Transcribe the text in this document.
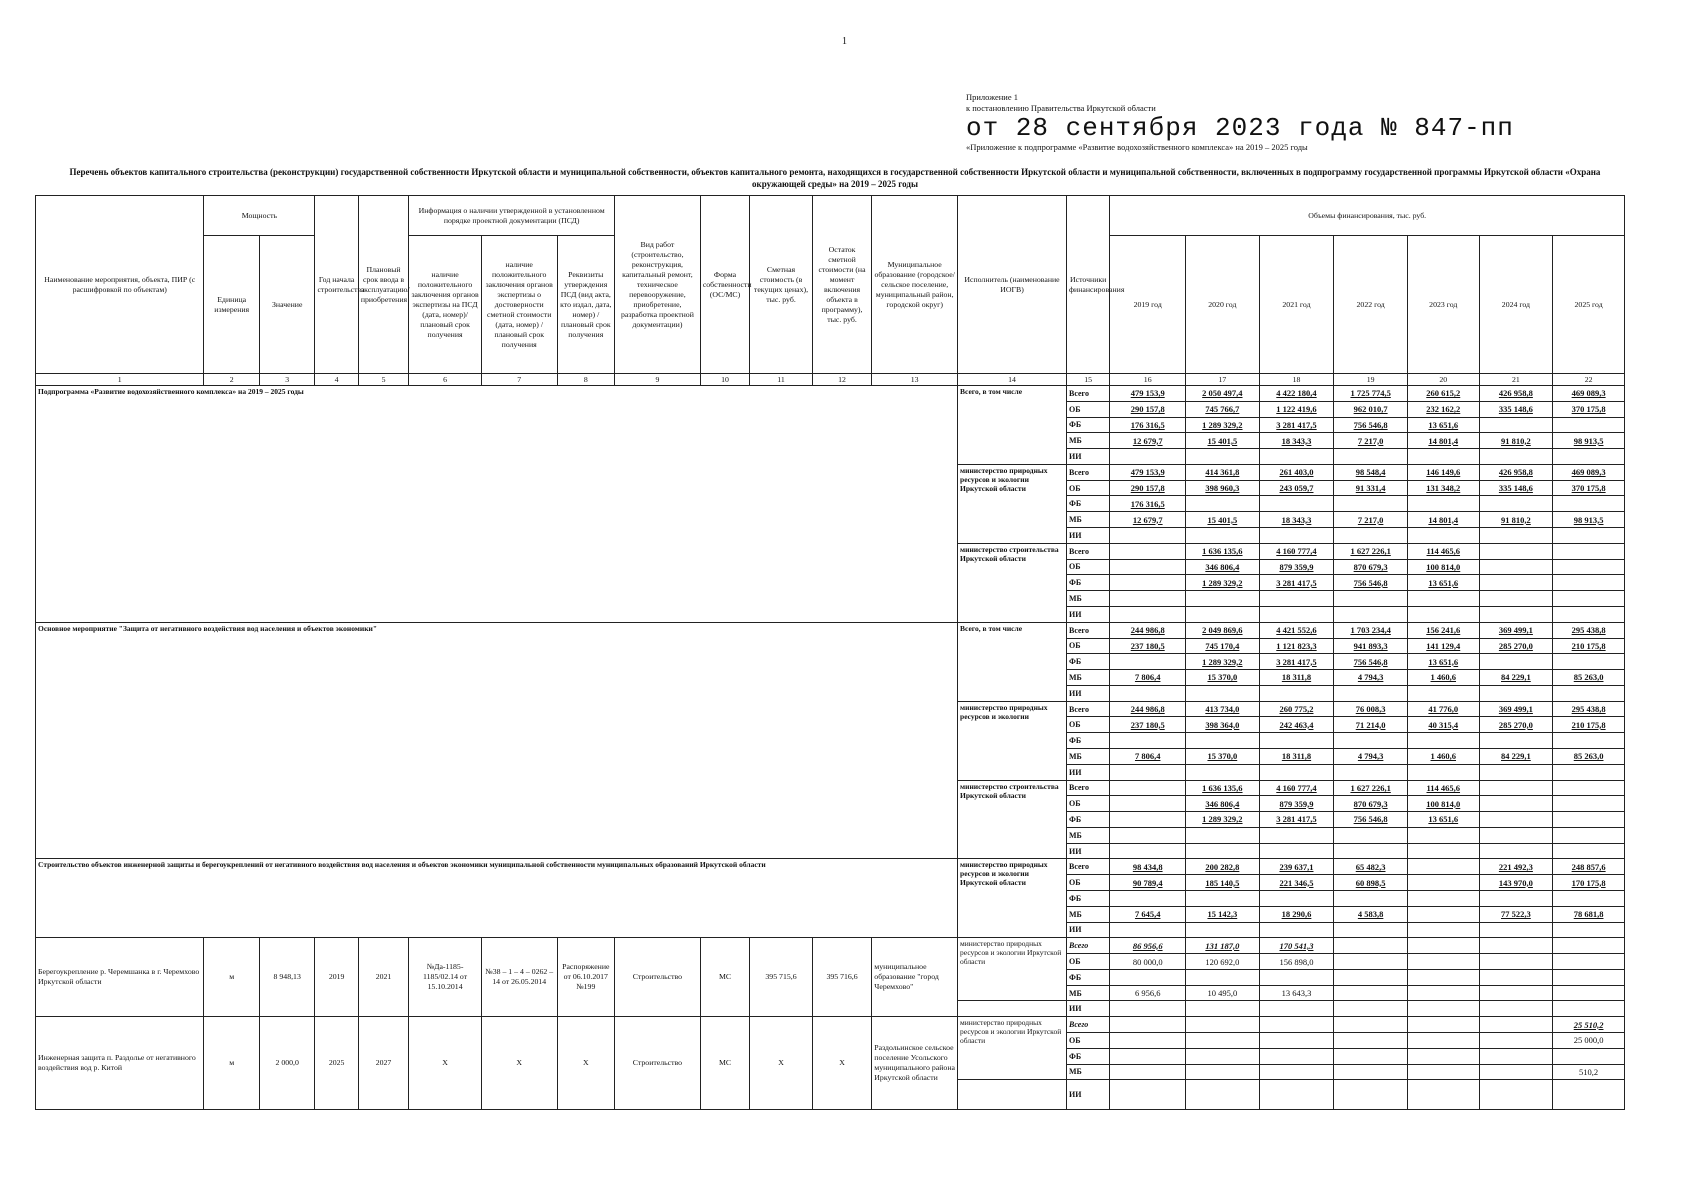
1
Приложение 1
к постановлению Правительства Иркутской области
от 28 сентября 2023 года № 847-пп
«Приложение к подпрограмме «Развитие водохозяйственного комплекса» на 2019 – 2025 годы
Перечень объектов капитального строительства (реконструкции) государственной собственности Иркутской области и муниципальной собственности, объектов капитального ремонта, находящихся в государственной собственности Иркутской области и муниципальной собственности, включенных в подпрограмму государственной программы Иркутской области «Охрана окружающей среды» на 2019 – 2025 годы
Наименование мероприятия, объекта, ПИР (с расшифровкой по объектам)	Мощность		Год начала строительства	Плановый срок ввода в эксплуатацию/приобретения	Информация о наличии утвержденной в установленном порядке проектной документации (ПСД)			Вид работ (строительство, реконструкция, капитальный ремонт, техническое перевооружение, приобретение, разработка проектной документации)	Форма собственности (ОС/МС)	Сметная стоимость (в текущих ценах), тыс. руб.	Остаток сметной стоимости (на момент включения объекта в программу), тыс. руб.	Муниципальное образование (городское/сельское поселение, муниципальный район, городской округ)	Исполнитель (наименование ИОГВ)	Источники финансирования	Объемы финансирования, тыс. руб.						
	Единица измерения	Значение			наличие положительного заключения органов экспертизы на ПСД (дата, номер)/плановый срок получения	наличие положительного заключения органов экспертизы о достоверности сметной стоимости (дата, номер) / плановый срок получения	Реквизиты утверждения ПСД (вид акта, кто издал, дата, номер) / плановый срок получения								2019 год	2020 год	2021 год	2022 год	2023 год	2024 год	2025 год
1	2	3	4	5	6	7	8	9	10	11	12	13	14	15	16	17	18	19	20	21	22
Подпрограмма «Развитие водохозяйственного комплекса» на 2019 – 2025 годы													Всего, в том числе	Всего	479 153,9	2 050 497,4	4 422 180,4	1 725 774,5	260 615,2	426 958,8	469 089,3
														ОБ	290 157,8	745 766,7	1 122 419,6	962 010,7	232 162,2	335 148,6	370 175,8
														ФБ	176 316,5	1 289 329,2	3 281 417,5	756 546,8	13 651,6		
														МБ	12 679,7	15 401,5	18 343,3	7 217,0	14 801,4	91 810,2	98 913,5
														ИИ							
													министерство природных ресурсов и экологии Иркутской области	Всего	479 153,9	414 361,8	261 403,0	98 548,4	146 149,6	426 958,8	469 089,3
														ОБ	290 157,8	398 960,3	243 059,7	91 331,4	131 348,2	335 148,6	370 175,8
														ФБ	176 316,5						
														МБ	12 679,7	15 401,5	18 343,3	7 217,0	14 801,4	91 810,2	98 913,5
														ИИ							
													министерство строительства Иркутской области	Всего		1 636 135,6	4 160 777,4	1 627 226,1	114 465,6		
														ОБ		346 806,4	879 359,9	870 679,3	100 814,0		
														ФБ		1 289 329,2	3 281 417,5	756 546,8	13 651,6		
														МБ							
														ИИ							
Основное мероприятие "Защита от негативного воздействия вод населения и объектов экономики"													Всего, в том числе	Всего	244 986,8	2 049 869,6	4 421 552,6	1 703 234,4	156 241,6	369 499,1	295 438,8
														ОБ	237 180,5	745 170,4	1 121 823,3	941 893,3	141 129,4	285 270,0	210 175,8
														ФБ		1 289 329,2	3 281 417,5	756 546,8	13 651,6		
														МБ	7 806,4	15 370,0	18 311,8	4 794,3	1 460,6	84 229,1	85 263,0
														ИИ							
													министерство природных ресурсов и экологии	Всего	244 986,8	413 734,0	260 775,2	76 008,3	41 776,0	369 499,1	295 438,8
														ОБ	237 180,5	398 364,0	242 463,4	71 214,0	40 315,4	285 270,0	210 175,8
														ФБ							
														МБ	7 806,4	15 370,0	18 311,8	4 794,3	1 460,6	84 229,1	85 263,0
														ИИ							
													министерство строительства Иркутской области	Всего		1 636 135,6	4 160 777,4	1 627 226,1	114 465,6		
														ОБ		346 806,4	879 359,9	870 679,3	100 814,0		
														ФБ		1 289 329,2	3 281 417,5	756 546,8	13 651,6		
														МБ							
														ИИ							
Строительство объектов инженерной защиты и берегоукреплений от негативного воздействия вод населения и объектов экономики муниципальной собственности муниципальных образований Иркутской области													министерство природных ресурсов и экологии Иркутской области	Всего	98 434,8	200 282,8	239 637,1	65 482,3		221 492,3	248 857,6
														ОБ	90 789,4	185 140,5	221 346,5	60 898,5		143 970,0	170 175,8
														ФБ							
														МБ	7 645,4	15 142,3	18 290,6	4 583,8		77 522,3	78 681,8
														ИИ							
Берегоукрепление р. Черемшанка в г. Черемхово Иркутской области	м	8 948,13	2019	2021	№Да-1185-1185/02.14 от 15.10.2014	№38 – 1 – 4 – 0262 – 14 от 26.05.2014	Распоряжение от 06.10.2017 №199	Строительство	МС	395 715,6	395 716,6	муниципальное образование "город Черемхово"	министерство природных ресурсов и экологии Иркутской области	Всего	86 956,6	131 187,0	170 541,3				
														ОБ	80 000,0	120 692,0	156 898,0				
														ФБ							
														МБ	6 956,6	10 495,0	13 643,3				
														ИИ							
Инженерная защита п. Раздолье от негативного воздействия вод р. Китой	м	2 000,0	2025	2027	Х	Х	Х	Строительство	МС	Х	Х	Раздольинское сельское поселение Усольского муниципального района Иркутской области	министерство природных ресурсов и экологии Иркутской области	Всего							25 510,2
														ОБ							25 000,0
														ФБ							
														МБ							510,2
														ИИ							
